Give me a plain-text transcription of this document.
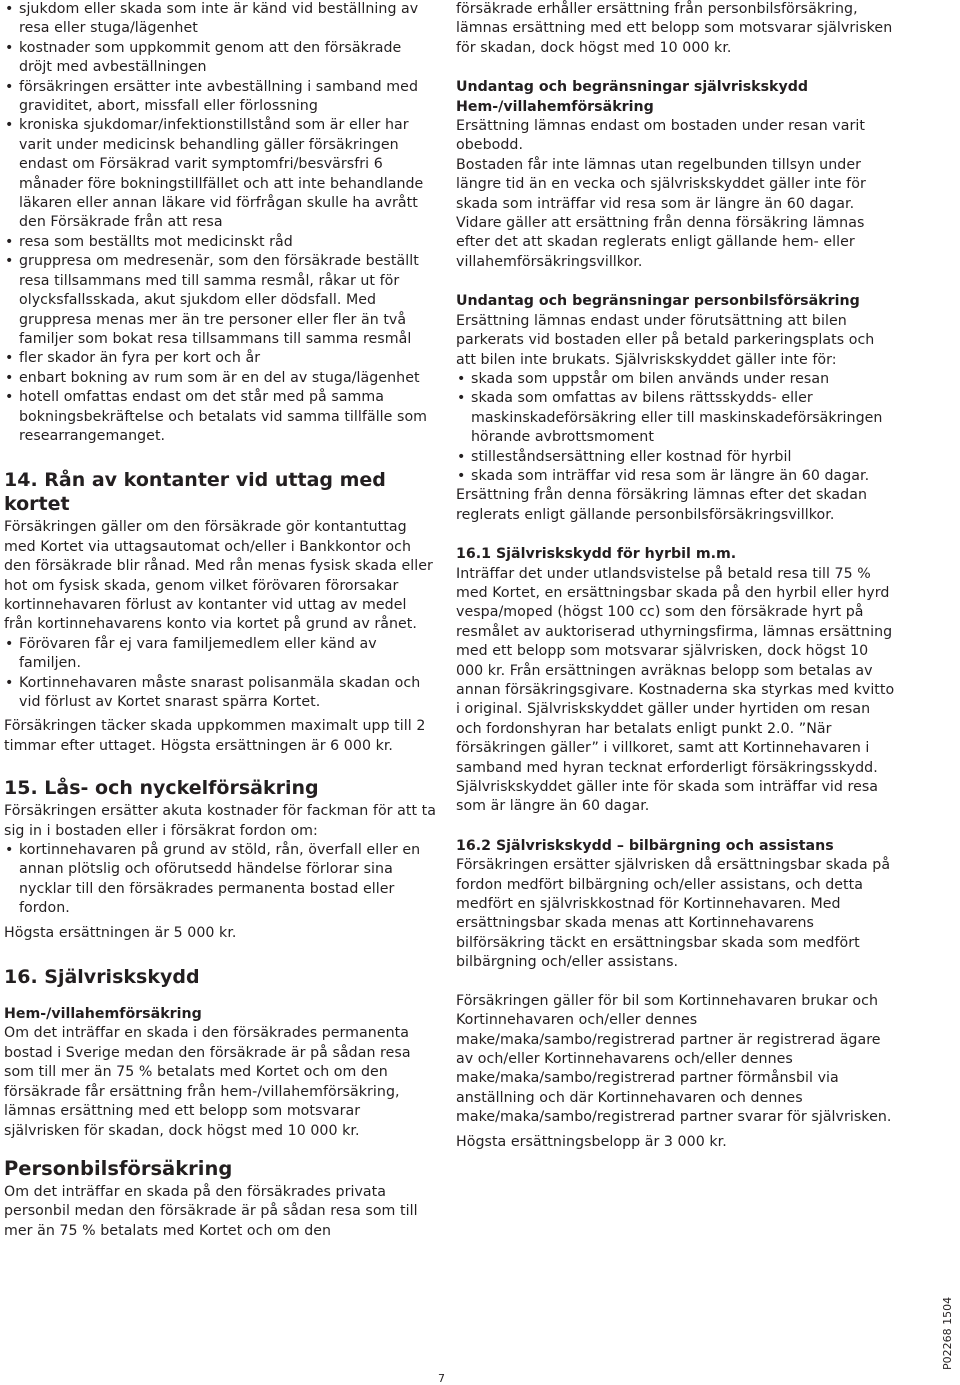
• sjukdom eller skada som inte är känd vid beställning av resa eller stuga/lägenhet
• kostnader som uppkommit genom att den försäkrade dröjt med avbeställningen
• försäkringen ersätter inte avbeställning i samband med graviditet, abort, missfall eller förlossning
• kroniska sjukdomar/infektionstillstånd som är eller har varit under medicinsk behandling gäller försäkringen endast om Försäkrad varit symptomfri/besvärsfri 6 månader före bokningstillfället och att inte behandlande läkaren eller annan läkare vid förfrågan skulle ha avrått den Försäkrade från att resa
• resa som beställts mot medicinskt råd
• gruppresa om medresenär, som den försäkrade beställt resa tillsammans med till samma resmål, råkar ut för olycksfallsskada, akut sjukdom eller dödsfall. Med gruppresa menas mer än tre personer eller fler än två familjer som bokat resa tillsammans till samma resmål
• fler skador än fyra per kort och år
• enbart bokning av rum som är en del av stuga/lägenhet
• hotell omfattas endast om det står med på samma bokningsbekräftelse och betalats vid samma tillfälle som researrangemanget.
14. Rån av kontanter vid uttag med kortet

Försäkringen gäller om den försäkrade gör kontantuttag med Kortet via uttagsautomat och/eller i Bankkontor och den försäkrade blir rånad. Med rån menas fysisk skada eller hot om fysisk skada, genom vilket förövaren förorsakar kortinnehavaren förlust av kontanter vid uttag av medel från kortinnehavarens konto via kortet på grund av rånet.

• Förövaren får ej vara familjemedlem eller känd av familjen.
• Kortinnehavaren måste snarast polisanmäla skadan och vid förlust av Kortet snarast spärra Kortet.

Försäkringen täcker skada uppkommen maximalt upp till 2 timmar efter uttaget. Högsta ersättningen är 6 000 kr.

15. Lås- och nyckelförsäkring

Försäkringen ersätter akuta kostnader för fackman för att ta sig in i bostaden eller i försäkrat fordon om:

• kortinnehavaren på grund av stöld, rån, överfall eller en annan plötslig och oförutsedd händelse förlorar sina nycklar till den försäkrades permanenta bostad eller fordon.

Högsta ersättningen är 5 000 kr.

16. Självriskskydd
Hem-/villahemförsäkring

Om det inträffar en skada i den försäkrades permanenta bostad i Sverige medan den försäkrade är på sådan resa som till mer än 75 % betalats med Kortet och om den försäkrade får ersättning från hem-/villahemförsäkring, lämnas ersättning med ett belopp som motsvarar självrisken för skadan, dock högst med 10 000 kr.

Personbilsförsäkring

Om det inträffar en skada på den försäkrades privata personbil medan den försäkrade är på sådan resa som till mer än 75 % betalats med Kortet och om den

försäkrade erhåller ersättning från personbilsförsäkring, lämnas ersättning med ett belopp som motsvarar självrisken för skadan, dock högst med 10 000 kr.

Undantag och begränsningar självriskskydd
Hem-/villahemförsäkring

Ersättning lämnas endast om bostaden under resan varit obebodd.

Bostaden får inte lämnas utan regelbunden tillsyn under längre tid än en vecka och självriskskyddet gäller inte för skada som inträffar vid resa som är längre än 60 dagar.

Vidare gäller att ersättning från denna försäkring lämnas efter det att skadan reglerats enligt gällande hem- eller villahemförsäkringsvillkor.

Undantag och begränsningar personbilsförsäkring

Ersättning lämnas endast under förutsättning att bilen parkerats vid bostaden eller på betald parkeringsplats och att bilen inte brukats. Självriskskyddet gäller inte för:

• skada som uppstår om bilen används under resan
• skada som omfattas av bilens rättsskydds- eller maskinskadeförsäkring eller till maskinskadeförsäkringen hörande avbrottsmoment
• stilleståndsersättning eller kostnad för hyrbil
• skada som inträffar vid resa som är längre än 60 dagar.

Ersättning från denna försäkring lämnas efter det skadan reglerats enligt gällande personbilsförsäkringsvillkor.

16.1 Självriskskydd för hyrbil m.m.

Inträffar det under utlandsvistelse på betald resa till 75 % med Kortet, en ersättningsbar skada på den hyrbil eller hyrd vespa/moped (högst 100 cc) som den försäkrade hyrt på resmålet av auktoriserad uthyrningsfirma, lämnas ersättning med ett belopp som motsvarar självrisken, dock högst 10 000 kr. Från ersättningen avräknas belopp som betalas av annan försäkringsgivare. Kostnaderna ska styrkas med kvitto i original. Självriskskyddet gäller under hyrtiden om resan och fordonshyran har betalats enligt punkt 2.0. ”När försäkringen gäller” i villkoret, samt att Kortinnehavaren i samband med hyran tecknat erforderligt försäkringsskydd.

Självriskskyddet gäller inte för skada som inträffar vid resa som är längre än 60 dagar.

16.2 Självriskskydd – bilbärgning och assistans

Försäkringen ersätter självrisken då ersättningsbar skada på fordon medfört bilbärgning och/eller assistans, och detta medfört en självriskkostnad för Kortinnehavaren. Med ersättningsbar skada menas att Kortinnehavarens bilförsäkring täckt en ersättningsbar skada som medfört bilbärgning och/eller assistans.

Försäkringen gäller för bil som Kortinnehavaren brukar och Kortinnehavaren och/eller dennes make/maka/sambo/registrerad partner är registrerad ägare av och/eller Kortinnehavarens och/eller dennes make/maka/sambo/registrerad partner förmånsbil via anställning och där Kortinnehavaren och dennes make/maka/sambo/registrerad partner svarar för självrisken.

Högsta ersättningsbelopp är 3 000 kr.

7
P02268 1504
